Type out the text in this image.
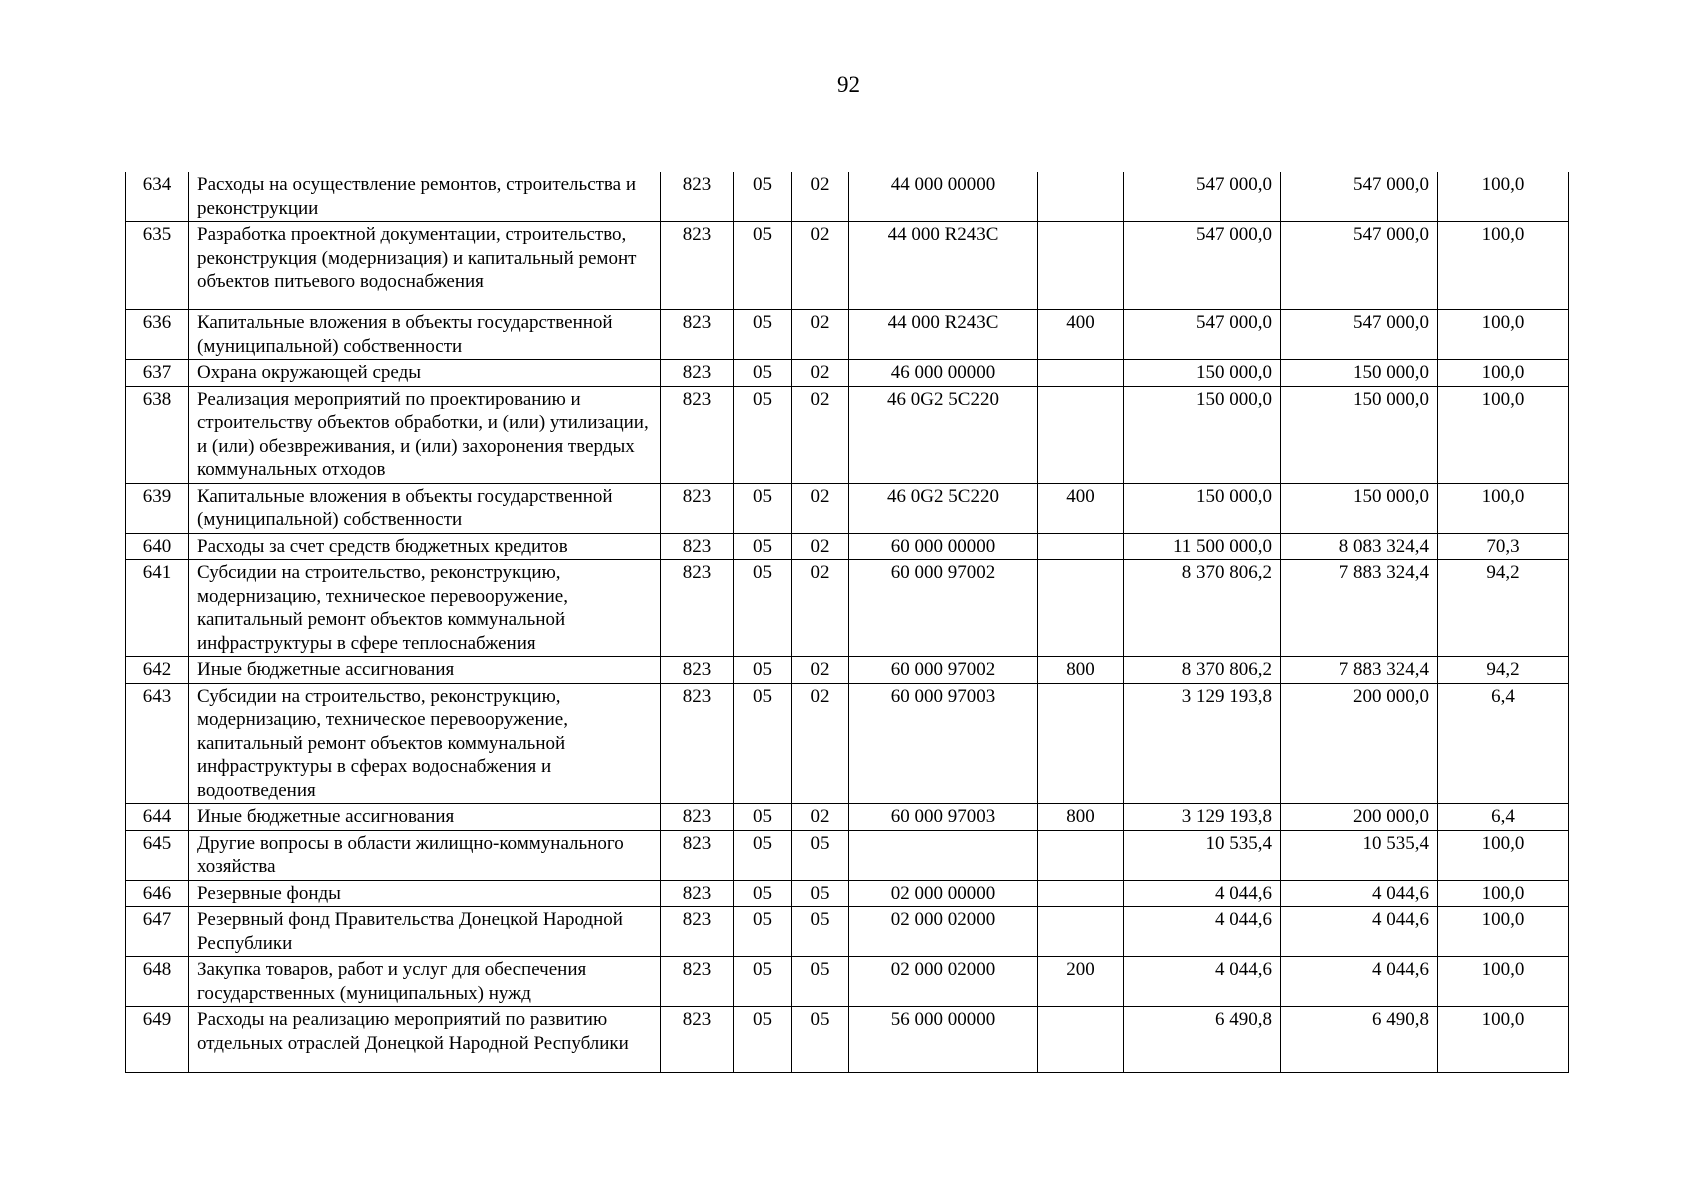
92
634	Расходы на осуществление ремонтов, строительства и реконструкции	823	05	02	44 000 00000		547 000,0	547 000,0	100,0
635	Разработка проектной документации, строительство, реконструкция (модернизация) и капитальный ремонт объектов питьевого водоснабжения	823	05	02	44 000 R243C		547 000,0	547 000,0	100,0
636	Капитальные вложения в объекты государственной (муниципальной) собственности	823	05	02	44 000 R243C	400	547 000,0	547 000,0	100,0
637	Охрана окружающей среды	823	05	02	46 000 00000		150 000,0	150 000,0	100,0
638	Реализация мероприятий по проектированию и строительству объектов обработки, и (или) утилизации, и (или) обезвреживания, и (или) захоронения твердых коммунальных отходов	823	05	02	46 0G2 5C220		150 000,0	150 000,0	100,0
639	Капитальные вложения в объекты государственной (муниципальной) собственности	823	05	02	46 0G2 5C220	400	150 000,0	150 000,0	100,0
640	Расходы за счет средств бюджетных кредитов	823	05	02	60 000 00000		11 500 000,0	8 083 324,4	70,3
641	Субсидии на строительство, реконструкцию, модернизацию, техническое перевооружение, капитальный ремонт объектов коммунальной инфраструктуры в сфере теплоснабжения	823	05	02	60 000 97002		8 370 806,2	7 883 324,4	94,2
642	Иные бюджетные ассигнования	823	05	02	60 000 97002	800	8 370 806,2	7 883 324,4	94,2
643	Субсидии на строительство, реконструкцию, модернизацию, техническое перевооружение, капитальный ремонт объектов коммунальной инфраструктуры в сферах водоснабжения и водоотведения	823	05	02	60 000 97003		3 129 193,8	200 000,0	6,4
644	Иные бюджетные ассигнования	823	05	02	60 000 97003	800	3 129 193,8	200 000,0	6,4
645	Другие вопросы в области жилищно-коммунального хозяйства	823	05	05			10 535,4	10 535,4	100,0
646	Резервные фонды	823	05	05	02 000 00000		4 044,6	4 044,6	100,0
647	Резервный фонд Правительства Донецкой Народной Республики	823	05	05	02 000 02000		4 044,6	4 044,6	100,0
648	Закупка товаров, работ и услуг для обеспечения государственных (муниципальных) нужд	823	05	05	02 000 02000	200	4 044,6	4 044,6	100,0
649	Расходы на реализацию мероприятий по развитию отдельных отраслей Донецкой Народной Республики	823	05	05	56 000 00000		6 490,8	6 490,8	100,0
